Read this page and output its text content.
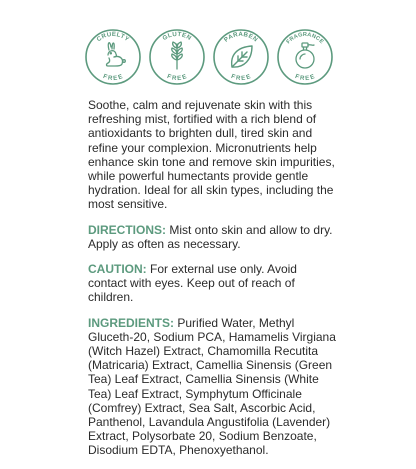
CRUELTY
FREE
GLUTEN
FREE
PARABEN
FREE
FRAGRANCE
FREE

Soothe, calm and rejuvenate skin with this refreshing mist, fortified with a rich blend of antioxidants to brighten dull, tired skin and refine your complexion. Micronutrients help enhance skin tone and remove skin impurities, while powerful humectants provide gentle hydration. Ideal for all skin types, including the most sensitive.

DIRECTIONS: Mist onto skin and allow to dry. Apply as often as necessary.

CAUTION: For external use only. Avoid contact with eyes. Keep out of reach of children.

INGREDIENTS: Purified Water, Methyl Gluceth-20, Sodium PCA, Hamamelis Virgiana (Witch Hazel) Extract, Chamomilla Recutita (Matricaria) Extract, Camellia Sinensis (Green Tea) Leaf Extract, Camellia Sinensis (White Tea) Leaf Extract, Symphytum Officinale (Comfrey) Extract, Sea Salt, Ascorbic Acid, Panthenol, Lavandula Angustifolia (Lavender) Extract, Polysorbate 20, Sodium Benzoate, Disodium EDTA, Phenoxyethanol.
